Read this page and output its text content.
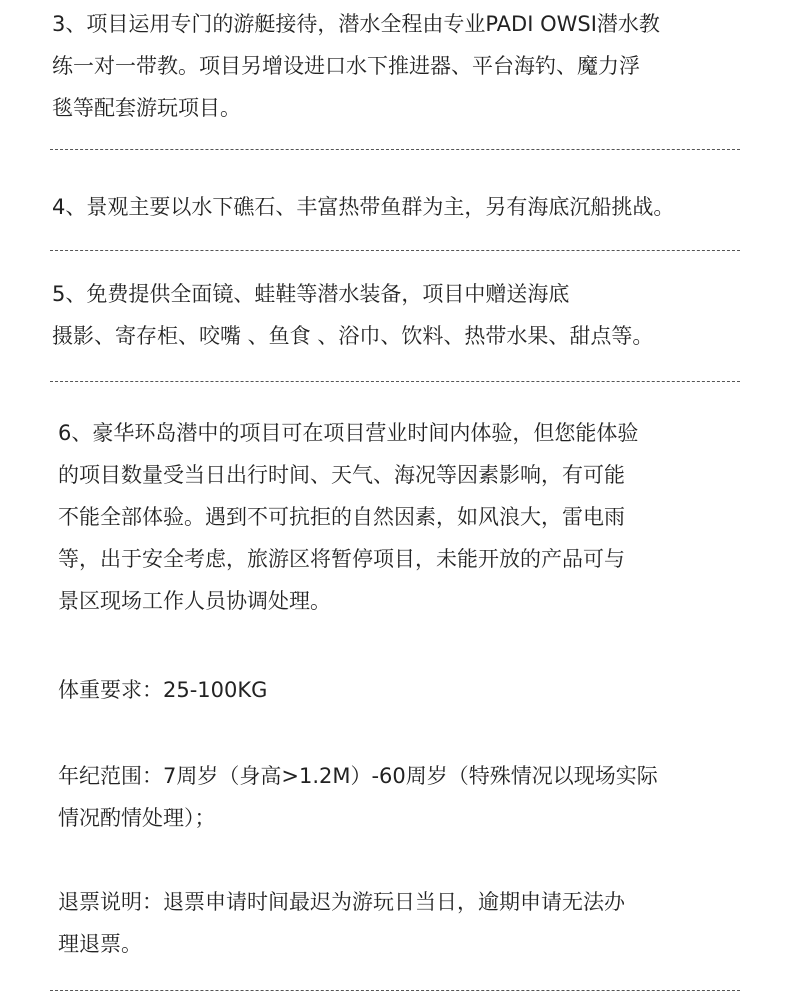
3、项目运用专门的游艇接待，潜水全程由专业PADI OWSI潜水教
练一对一带教。项目另增设进口水下推进器、平台海钓、魔力浮
毯等配套游玩项目。
4、景观主要以水下礁石、丰富热带鱼群为主，另有海底沉船挑战。
5、免费提供全面镜、蛙鞋等潜水装备，项目中赠送海底
摄影、寄存柜、咬嘴 、鱼食 、浴巾、饮料、热带水果、甜点等。
6、豪华环岛潜中的项目可在项目营业时间内体验，但您能体验
的项目数量受当日出行时间、天气、海况等因素影响，有可能
不能全部体验。遇到不可抗拒的自然因素，如风浪大，雷电雨
等，出于安全考虑，旅游区将暂停项目，未能开放的产品可与
景区现场工作人员协调处理。
体重要求：25-100KG
年纪范围：7周岁（身高>1.2M）-60周岁（特殊情况以现场实际
情况酌情处理）；
退票说明：退票申请时间最迟为游玩日当日，逾期申请无法办
理退票。
